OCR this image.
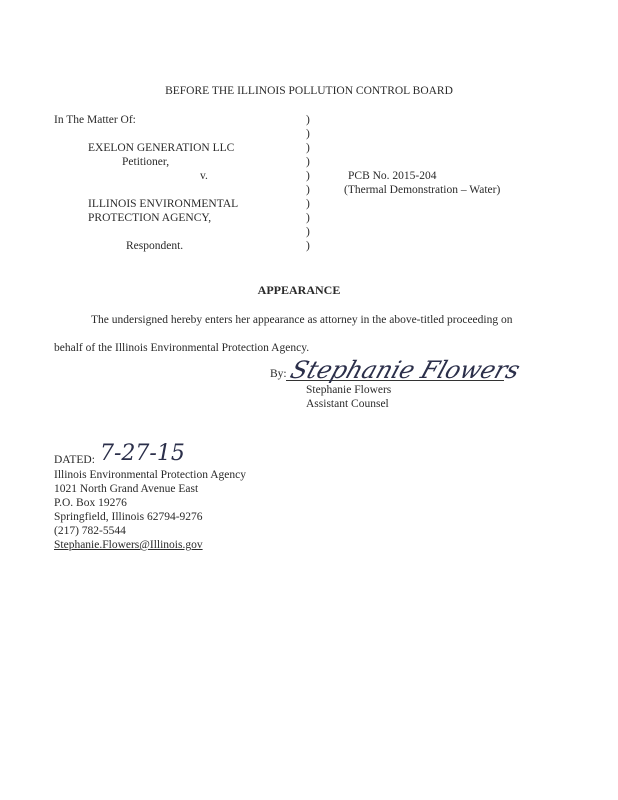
BEFORE THE ILLINOIS POLLUTION CONTROL BOARD
In The Matter Of:	)
)
)
)
)
)
)
)
)
)
EXELON GENERATION LLC
Petitioner,
v.
ILLINOIS ENVIRONMENTAL
PROTECTION AGENCY,
Respondent.
PCB No. 2015-204
(Thermal Demonstration – Water)
APPEARANCE
The undersigned hereby enters her appearance as attorney in the above-titled proceeding on
behalf of the Illinois Environmental Protection Agency.
By: Stephanie Flowers
Stephanie Flowers
Assistant Counsel
DATED: 7-27-15
Illinois Environmental Protection Agency
1021 North Grand Avenue East
P.O. Box 19276
Springfield, Illinois 62794-9276
(217) 782-5544
Stephanie.Flowers@Illinois.gov
